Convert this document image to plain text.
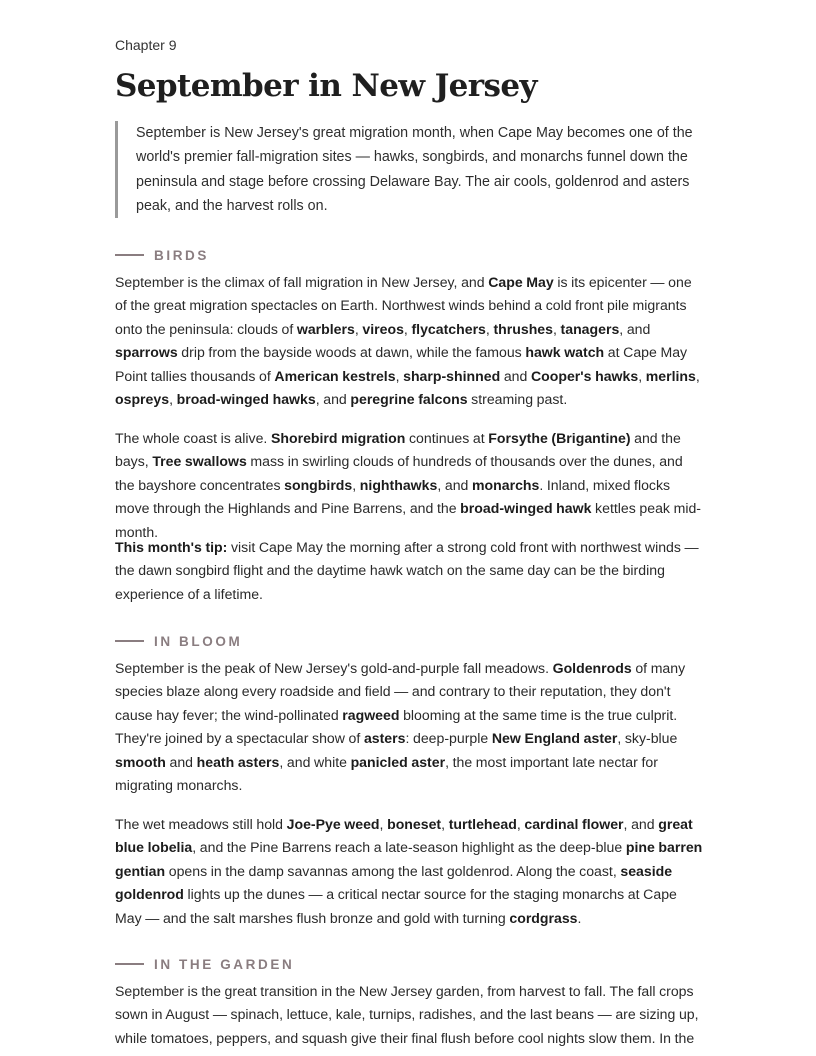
Chapter 9
September in New Jersey
September is New Jersey's great migration month, when Cape May becomes one of the world's premier fall-migration sites — hawks, songbirds, and monarchs funnel down the peninsula and stage before crossing Delaware Bay. The air cools, goldenrod and asters peak, and the harvest rolls on.
BIRDS
September is the climax of fall migration in New Jersey, and Cape May is its epicenter — one of the great migration spectacles on Earth. Northwest winds behind a cold front pile migrants onto the peninsula: clouds of warblers, vireos, flycatchers, thrushes, tanagers, and sparrows drip from the bayside woods at dawn, while the famous hawk watch at Cape May Point tallies thousands of American kestrels, sharp-shinned and Cooper's hawks, merlins, ospreys, broad-winged hawks, and peregrine falcons streaming past.
The whole coast is alive. Shorebird migration continues at Forsythe (Brigantine) and the bays, Tree swallows mass in swirling clouds of hundreds of thousands over the dunes, and the bayshore concentrates songbirds, nighthawks, and monarchs. Inland, mixed flocks move through the Highlands and Pine Barrens, and the broad-winged hawk kettles peak mid-month.
This month's tip: visit Cape May the morning after a strong cold front with northwest winds — the dawn songbird flight and the daytime hawk watch on the same day can be the birding experience of a lifetime.
IN BLOOM
September is the peak of New Jersey's gold-and-purple fall meadows. Goldenrods of many species blaze along every roadside and field — and contrary to their reputation, they don't cause hay fever; the wind-pollinated ragweed blooming at the same time is the true culprit. They're joined by a spectacular show of asters: deep-purple New England aster, sky-blue smooth and heath asters, and white panicled aster, the most important late nectar for migrating monarchs.
The wet meadows still hold Joe-Pye weed, boneset, turtlehead, cardinal flower, and great blue lobelia, and the Pine Barrens reach a late-season highlight as the deep-blue pine barren gentian opens in the damp savannas among the last goldenrod. Along the coast, seaside goldenrod lights up the dunes — a critical nectar source for the staging monarchs at Cape May — and the salt marshes flush bronze and gold with turning cordgrass.
IN THE GARDEN
September is the great transition in the New Jersey garden, from harvest to fall. The fall crops sown in August — spinach, lettuce, kale, turnips, radishes, and the last beans — are sizing up, while tomatoes, peppers, and squash give their final flush before cool nights slow them. In the
